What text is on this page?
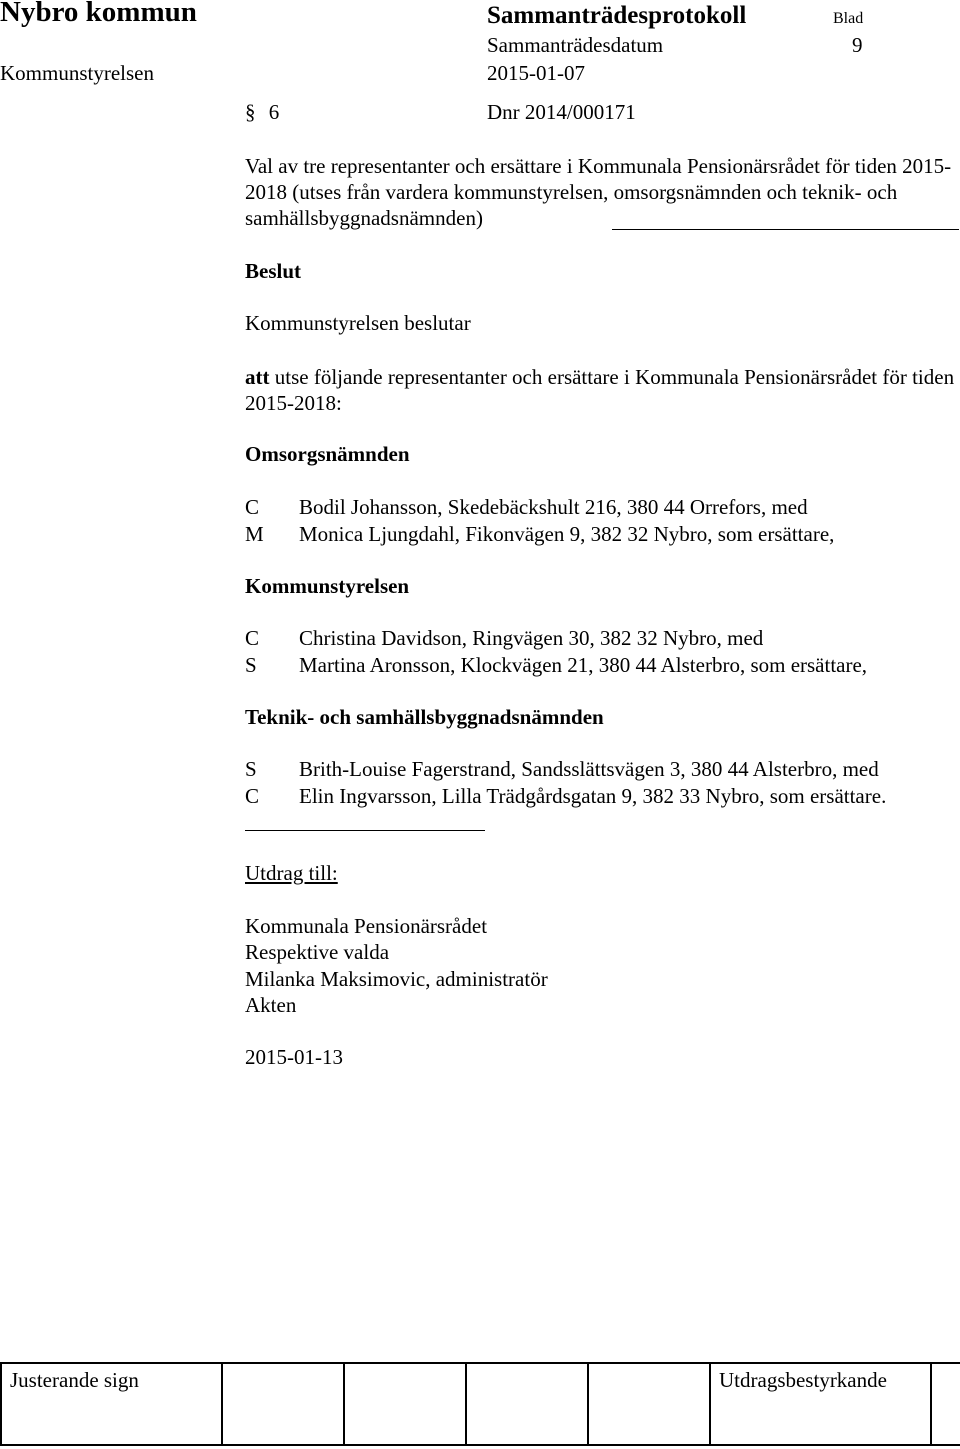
Nybro kommun	Sammanträdesprotokoll	Blad
Sammanträdesdatum	9
Kommunstyrelsen	2015-01-07
§ 6	Dnr 2014/000171
Val av tre representanter och ersättare i Kommunala Pensionärsrådet för tiden 2015-2018 (utses från vardera kommunstyrelsen, omsorgsnämnden och teknik- och samhällsbyggnadsnämnden)
Beslut
Kommunstyrelsen beslutar
att utse följande representanter och ersättare i Kommunala Pensionärsrådet för tiden 2015-2018:
Omsorgsnämnden
C Bodil Johansson, Skedebäckshult 216, 380 44 Orrefors, med
M Monica Ljungdahl, Fikonvägen 9, 382 32 Nybro, som ersättare,
Kommunstyrelsen
C Christina Davidson, Ringvägen 30, 382 32 Nybro, med
S Martina Aronsson, Klockvägen 21, 380 44 Alsterbro, som ersättare,
Teknik- och samhällsbyggnadsnämnden
S Brith-Louise Fagerstrand, Sandsslättsvägen 3, 380 44 Alsterbro, med
C Elin Ingvarsson, Lilla Trädgårdsgatan 9, 382 33 Nybro, som ersättare.
Utdrag till:
Kommunala Pensionärsrådet
Respektive valda
Milanka Maksimovic, administratör
Akten
2015-01-13
Justerande sign					Utdragsbestyrkande	
